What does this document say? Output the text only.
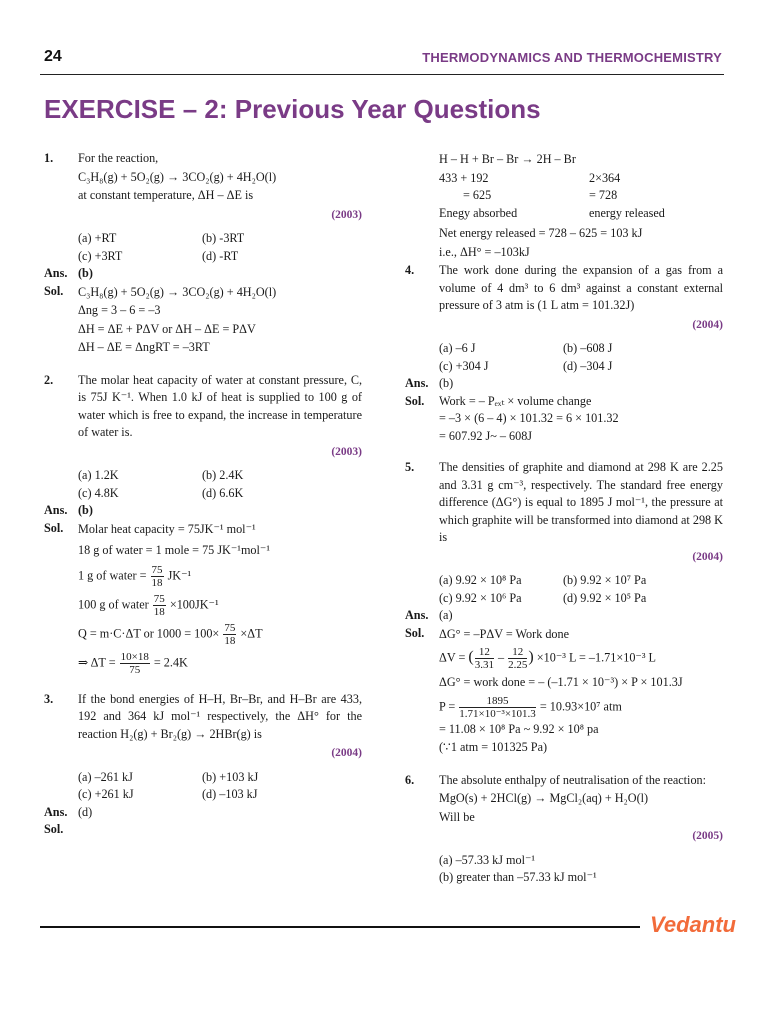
24	THERMODYNAMICS AND THERMOCHEMISTRY
EXERCISE – 2: Previous Year Questions
1.	For the reaction,
C₃H₈(g) + 5O₂(g) → 3CO₂(g) + 4H₂O(l)
at constant temperature, ΔH – ΔE is
(2003)
(a) +RT	(b) -3RT
(c) +3RT	(d) -RT
Ans. (b)
Sol.	C₃H₈(g) + 5O₂(g) → 3CO₂(g) + 4H₂O(l)
Δng = 3 – 6 = –3
ΔH = ΔE + PΔV or ΔH – ΔE = PΔV
ΔH – ΔE = ΔngRT = –3RT
2.	The molar heat capacity of water at constant pressure, C, is 75J K⁻¹. When 1.0 kJ of heat is supplied to 100 g of water which is free to expand, the increase in temperature of water is.
(2003)
(a) 1.2K	(b) 2.4K
(c) 4.8K	(d) 6.6K
Ans. (b)
Sol.	Molar heat capacity = 75JK⁻¹ mol⁻¹
18 g of water = 1 mole = 75 JK⁻¹mol⁻¹
1 g of water = $\frac{75}{18} JK^{-1}$
100 g of water $\frac{75}{18} \times 100JK^{-1}$
Q = m·C·ΔT or $1000 = 100\times \frac{75}{18} \times\Delta T$
⇒ $\Delta T = \frac{10\times 18}{75} = 2.4K$
3.	If the bond energies of H–H, Br–Br, and H–Br are 433, 192 and 364 kJ mol⁻¹ respectively, the ΔH° for the reaction H₂(g) + Br₂(g) → 2HBr(g) is
(2004)
(a) –261 kJ	(b) +103 kJ
(c) +261 kJ	(d) –103 kJ
Ans. (d)
Sol.
H – H + Br – Br → 2H – Br
433 + 192	2×364
= 625	= 728
Enegy absorbed	energy released
Net energy released = 728 – 625 = 103 kJ
i.e., ΔH° = –103kJ
4.	The work done during the expansion of a gas from a volume of 4 dm³ to 6 dm³ against a constant external pressure of 3 atm is (1 L atm = 101.32J)
(2004)
(a) –6 J	(b) –608 J
(c) +304 J	(d) –304 J
Ans. (b)
Sol.	Work = – Pₑₓₜ × volume change
= –3 × (6 – 4) × 101.32 = 6 × 101.32
= 607.92 J~ – 608J
5.	The densities of graphite and diamond at 298 K are 2.25 and 3.31 g cm⁻³, respectively. The standard free energy difference (ΔG°) is equal to 1895 J mol⁻¹, the pressure at which graphite will be transformed into diamond at 298 K is
(2004)
(a) 9.92 × 10⁸ Pa	(b) 9.92 × 10⁷ Pa
(c) 9.92 × 10⁶ Pa	(d) 9.92 × 10⁵ Pa
Ans. (a)
Sol.	ΔG° = –PΔV = Work done
ΔV = ( $\frac{12}{3.31} - \frac{12}{2.25}$ ) ×10⁻³ L = –1.71×10⁻³ L
ΔG° = work done = – (–1.71 × 10⁻³) × P × 101.3J
$P = \frac{1895}{\text{1.71×10⁻³×101.3}} = 10.93\times 10^7$ atm
= 11.08 × 10⁸ Pa ~ 9.92 × 10⁸ pa
(∵1 atm = 101325 Pa)
6.	The absolute enthalpy of neutralisation of the reaction:
MgO(s) + 2HCl(g) → MgCl₂(aq) + H₂O(l)
Will be
(2005)
(a) –57.33 kJ mol⁻¹
(b) greater than –57.33 kJ mol⁻¹
Vedantu
